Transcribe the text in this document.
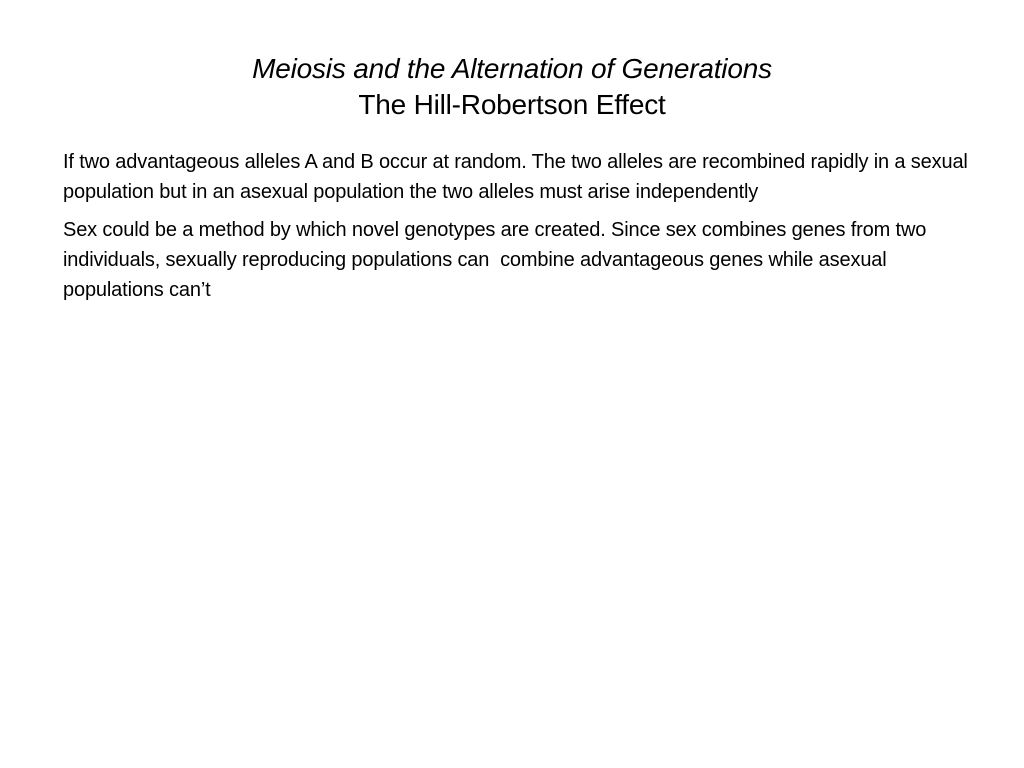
Meiosis and the Alternation of Generations
The Hill-Robertson Effect

If two advantageous alleles A and B occur at random. The two alleles are recombined rapidly in a sexual population but in an asexual population the two alleles must arise independently

Sex could be a method by which novel genotypes are created. Since sex combines genes from two individuals, sexually reproducing populations can  combine advantageous genes while asexual populations can’t
